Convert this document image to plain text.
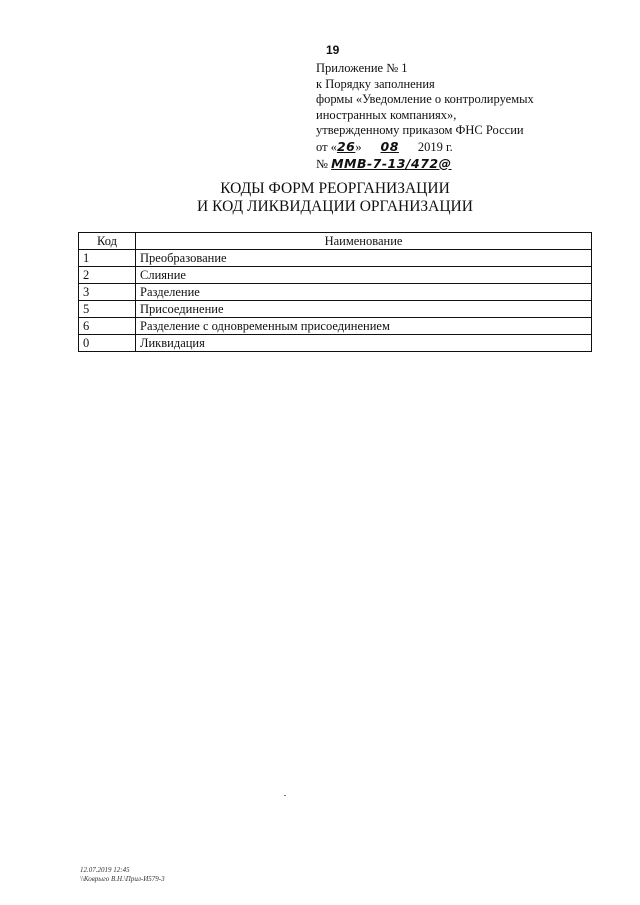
19
Приложение № 1
к Порядку заполнения
формы «Уведомление о контролируемых
иностранных компаниях»,
утвержденному приказом ФНС России
от «26» 08 2019 г.
№ ММВ-7-13/472@
КОДЫ ФОРМ РЕОРГАНИЗАЦИИ
И КОД ЛИКВИДАЦИИ ОРГАНИЗАЦИИ
Код	Наименование
1	Преобразование
2	Слияние
3	Разделение
5	Присоединение
6	Разделение с одновременным присоединением
0	Ликвидация
12.07.2019 12:45
\\Коврыго В.Н.\Прил-И579-3
